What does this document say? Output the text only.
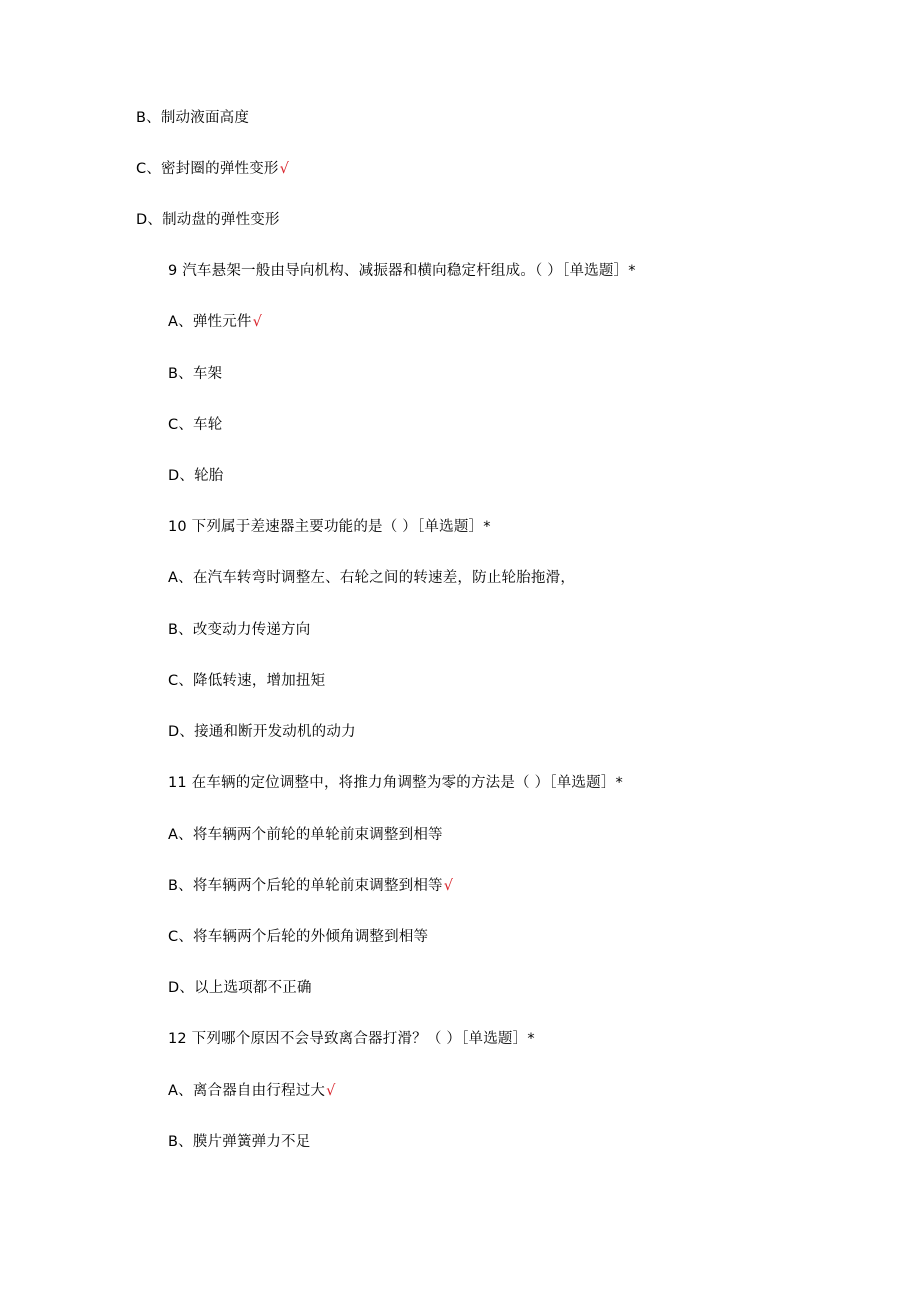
B、制动液面高度
C、密封圈的弹性变形√
D、制动盘的弹性变形
9 汽车悬架一般由导向机构、减振器和横向稳定杆组成。（ ）［单选题］*
A、弹性元件√
B、车架
C、车轮
D、轮胎
10 下列属于差速器主要功能的是（ ）［单选题］*
A、在汽车转弯时调整左、右轮之间的转速差，防止轮胎拖滑，
B、改变动力传递方向
C、降低转速，增加扭矩
D、接通和断开发动机的动力
11 在车辆的定位调整中，将推力角调整为零的方法是（ ）［单选题］*
A、将车辆两个前轮的单轮前束调整到相等
B、将车辆两个后轮的单轮前束调整到相等√
C、将车辆两个后轮的外倾角调整到相等
D、以上选项都不正确
12 下列哪个原因不会导致离合器打滑？（ ）［单选题］*
A、离合器自由行程过大√
B、膜片弹簧弹力不足
